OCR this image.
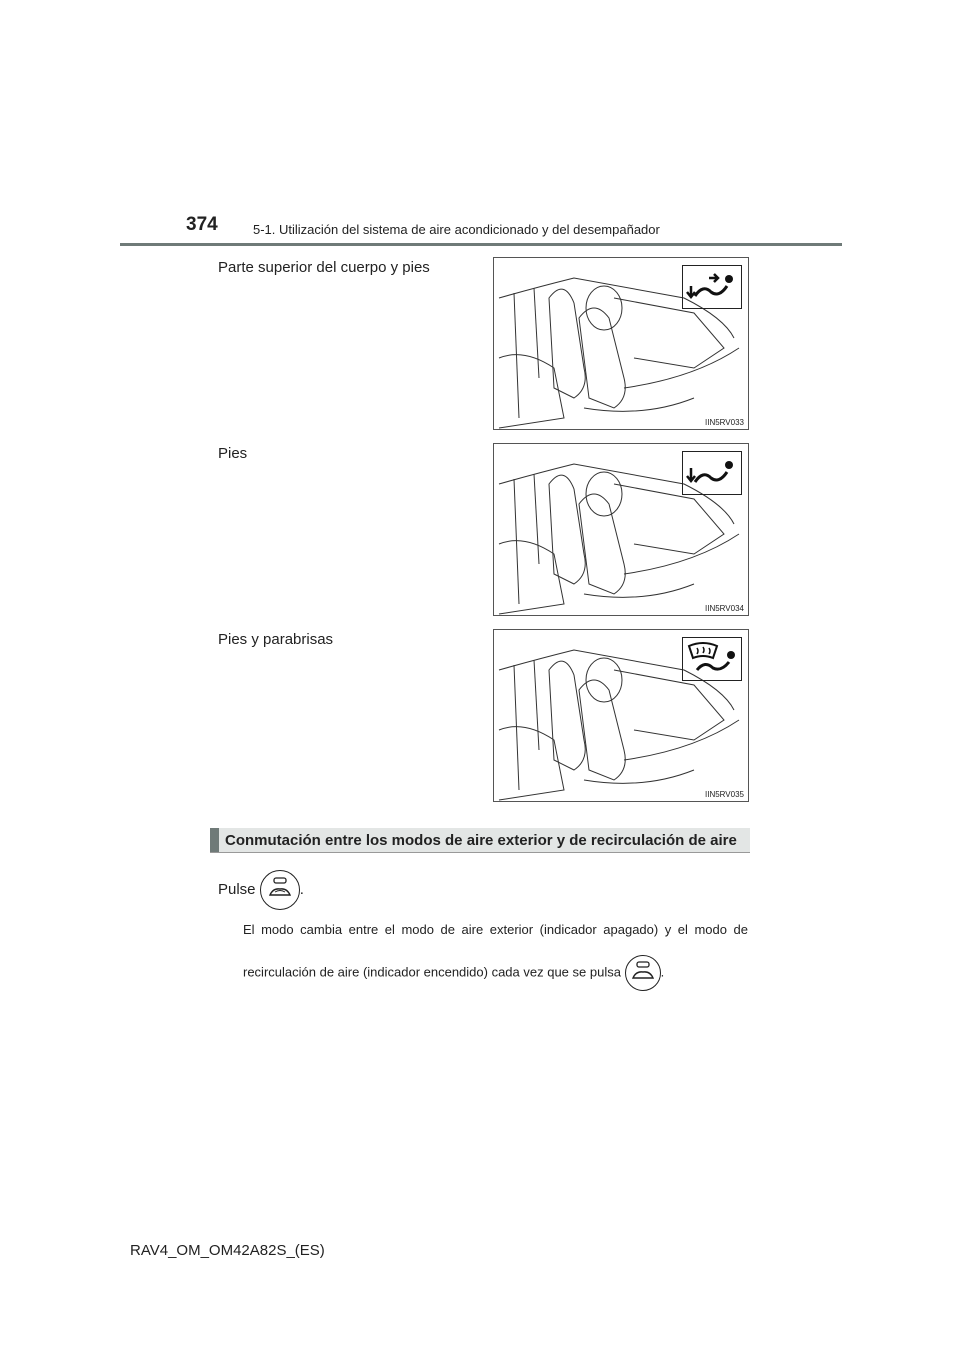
374	5-1. Utilización del sistema de aire acondicionado y del desempañador
Parte superior del cuerpo y pies
Pies
Pies y parabrisas
IIN5RV033
IIN5RV034
IIN5RV035
Conmutación entre los modos de aire exterior y de recirculación de aire
Pulse	.
El modo cambia entre el modo de aire exterior (indicador apagado) y el modo de
recirculación de aire (indicador encendido) cada vez que se pulsa	.
RAV4_OM_OM42A82S_(ES)
